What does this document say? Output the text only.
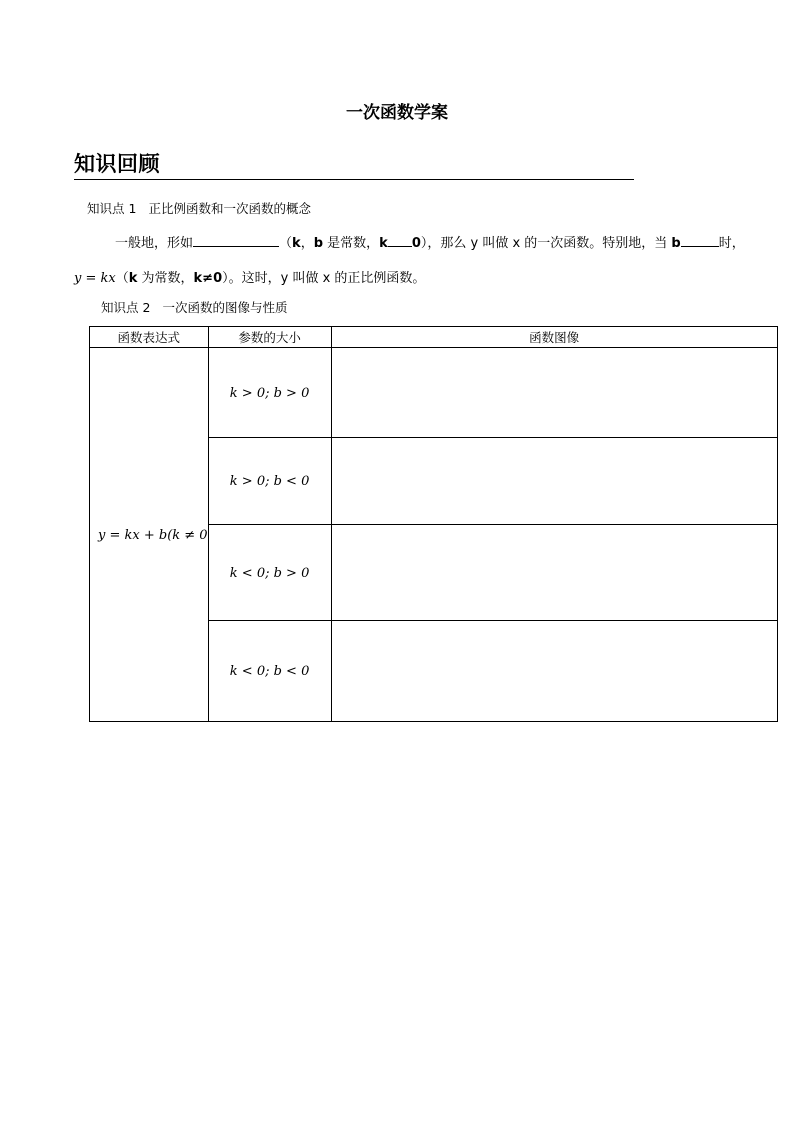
一次函数学案
知识回顾
知识点 1 正比例函数和一次函数的概念
一般地，形如	（k，b 是常数，k 0），那么 y 叫做 x 的一次函数。特别地，当 b	时，
y = kx（k 为常数，k≠0）。这时，y 叫做 x 的正比例函数。
知识点 2 一次函数的图像与性质
函数表达式	参数的大小	函数图像
y = kx + b(k ≠ 0	k > 0; b > 0	
	k > 0; b < 0	
	k < 0; b > 0	
	k < 0; b < 0	
